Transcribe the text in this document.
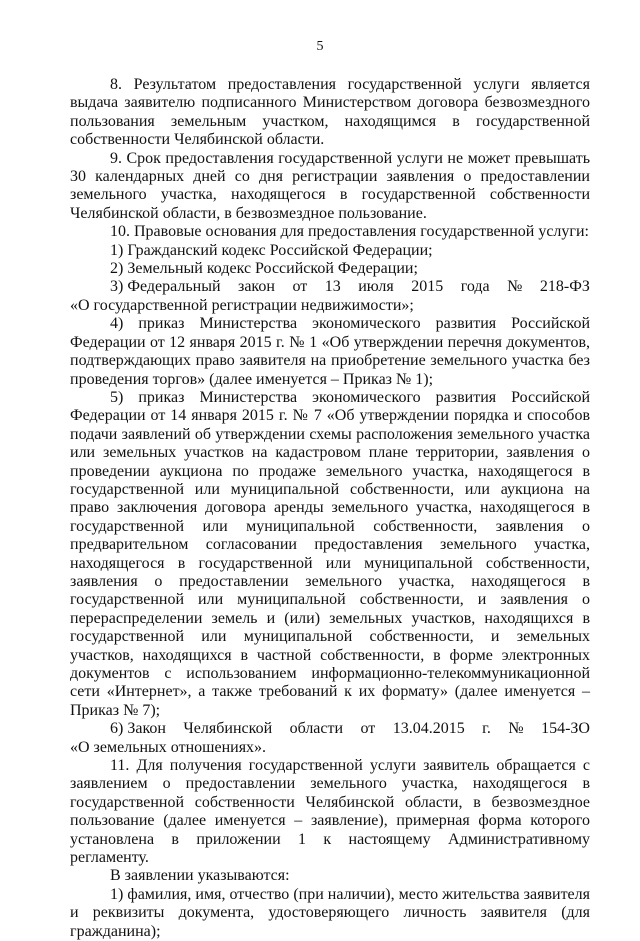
5

8. Результатом предоставления государственной услуги является выдача заявителю подписанного Министерством договора безвозмездного пользования земельным участком, находящимся в государственной собственности Челябинской области.

9. Срок предоставления государственной услуги не может превышать 30 календарных дней со дня регистрации заявления о предоставлении земельного участка, находящегося в государственной собственности Челябинской области, в безвозмездное пользование.

10. Правовые основания для предоставления государственной услуги:

1) Гражданский кодекс Российской Федерации;

2) Земельный кодекс Российской Федерации;

3) Федеральный закон от 13 июля 2015 года № 218-ФЗ

«О государственной регистрации недвижимости»;

4) приказ Министерства экономического развития Российской Федерации от 12 января 2015 г. № 1 «Об утверждении перечня документов, подтверждающих право заявителя на приобретение земельного участка без проведения торгов» (далее именуется – Приказ № 1);

5) приказ Министерства экономического развития Российской Федерации от 14 января 2015 г. № 7 «Об утверждении порядка и способов подачи заявлений об утверждении схемы расположения земельного участка или земельных участков на кадастровом плане территории, заявления о проведении аукциона по продаже земельного участка, находящегося в государственной или муниципальной собственности, или аукциона на право заключения договора аренды земельного участка, находящегося в государственной или муниципальной собственности, заявления о предварительном согласовании предоставления земельного участка, находящегося в государственной или муниципальной собственности, заявления о предоставлении земельного участка, находящегося в государственной или муниципальной собственности, и заявления о перераспределении земель и (или) земельных участков, находящихся в государственной или муниципальной собственности, и земельных участков, находящихся в частной собственности, в форме электронных документов с использованием информационно-телекоммуникационной сети «Интернет», а также требований к их формату» (далее именуется – Приказ № 7);

6) Закон Челябинской области от 13.04.2015 г. № 154-ЗО

«О земельных отношениях».

11. Для получения государственной услуги заявитель обращается с заявлением о предоставлении земельного участка, находящегося в государственной собственности Челябинской области, в безвозмездное пользование (далее именуется – заявление), примерная форма которого установлена в приложении 1 к настоящему Административному регламенту.

В заявлении указываются:

1) фамилия, имя, отчество (при наличии), место жительства заявителя и реквизиты документа, удостоверяющего личность заявителя (для гражданина);
